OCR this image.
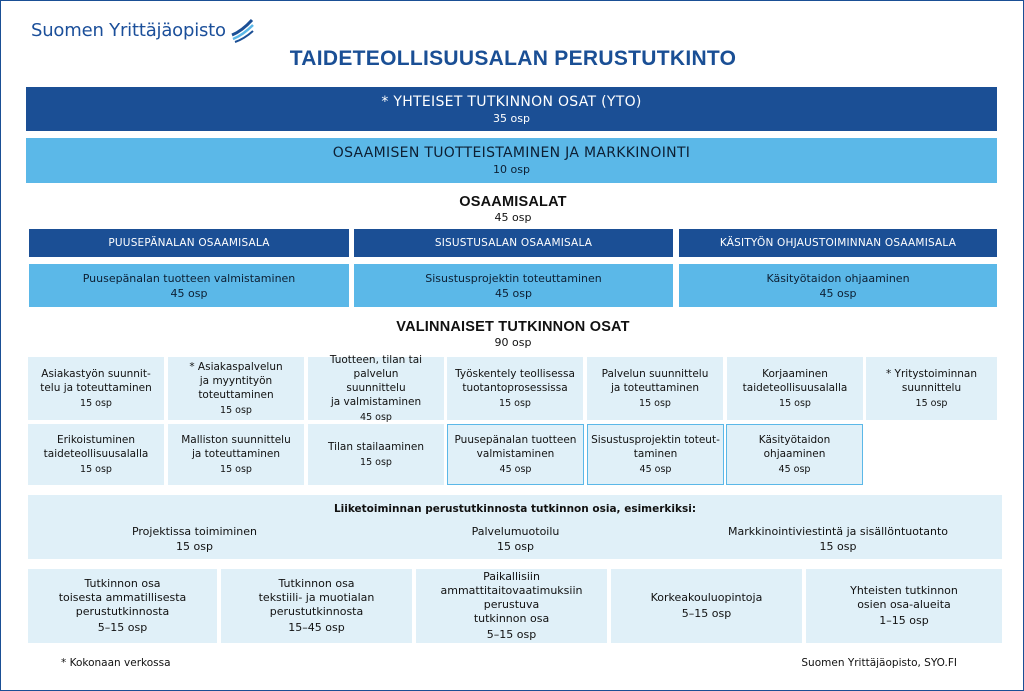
Suomen Yrittäjäopisto
TAIDETEOLLISUUSALAN PERUSTUTKINTO
* YHTEISET TUTKINNON OSAT (YTO)
35 osp
OSAAMISEN TUOTTEISTAMINEN JA MARKKINOINTI
10 osp
OSAAMISALAT
45 osp
PUUSEPÄNALAN OSAAMISALA	SISUSTUSALAN OSAAMISALA	KÄSITYÖN OHJAUSTOIMINNAN OSAAMISALA
Puusepänalan tuotteen valmistaminen
45 osp
Sisustusprojektin toteuttaminen
45 osp
Käsityötaidon ohjaaminen
45 osp
VALINNAISET TUTKINNON OSAT
90 osp
Asiakastyön suunnit-
telu ja toteuttaminen
15 osp
* Asiakaspalvelun
ja myyntityön
toteuttaminen
15 osp
Tuotteen, tilan tai palvelun
suunnittelu
ja valmistaminen
45 osp
Työskentely teollisessa
tuotantoprosessissa
15 osp
Palvelun suunnittelu
ja toteuttaminen
15 osp
Korjaaminen
taideteollisuusalalla
15 osp
* Yritystoiminnan
suunnittelu
15 osp
Erikoistuminen
taideteollisuusalalla
15 osp
Malliston suunnittelu
ja toteuttaminen
15 osp
Tilan stailaaminen
15 osp
Puusepänalan tuotteen
valmistaminen
45 osp
Sisustusprojektin toteut-
taminen
45 osp
Käsityötaidon
ohjaaminen
45 osp
Liiketoiminnan perustutkinnosta tutkinnon osia, esimerkiksi:
Projektissa toimiminen
15 osp
Palvelumuotoilu
15 osp
Markkinointiviestintä ja sisällöntuotanto
15 osp
Tutkinnon osa
toisesta ammatillisesta
perustutkinnosta
5–15 osp
Tutkinnon osa
tekstiili- ja muotialan
perustutkinnosta
15–45 osp
Paikallisiin ammattitaitovaatimuksiin
perustuva
tutkinnon osa
5–15 osp
Korkeakouluopintoja
5–15 osp
Yhteisten tutkinnon
osien osa-alueita
1–15 osp
* Kokonaan verkossa	Suomen Yrittäjäopisto, SYO.FI
